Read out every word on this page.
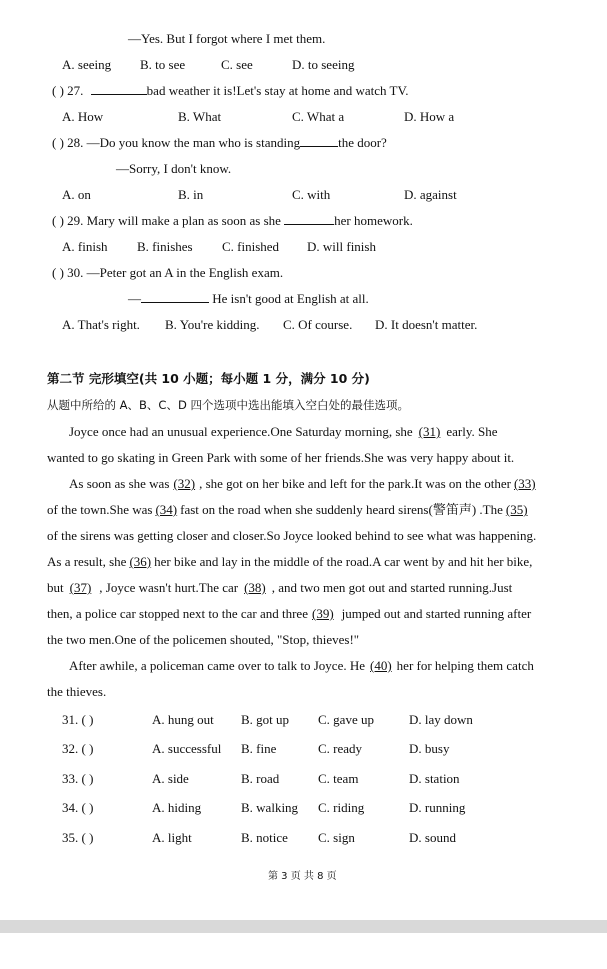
—Yes. But I forgot where I met them.
A. seeing B. to see	C. see	D. to seeing
( ) 27.	bad weather it is!Let's stay at home and watch TV.
A. How	B. What	C. What a	D. How a
( ) 28. —Do you know the man who is standing	the door?
—Sorry, I don't know.
A. on	B. in	C. with	D. against
( ) 29. Mary will make a plan as soon as she	her homework.
A. finish B. finishes C. finished D. will finish
( ) 30. —Peter got an A in the English exam.
—	He isn't good at English at all.
A. That's right. B. You're kidding. C. Of course. D. It doesn't matter.
第二节 完形填空(共 10 小题；每小题 1 分，满分 10 分)
从题中所给的 A、B、C、D 四个选项中选出能填入空白处的最佳选项。
Joyce once had an unusual experience.One Saturday morning, she (31) early. She
wanted to go skating in Green Park with some of her friends.She was very happy about it.
As soon as she was (32) , she got on her bike and left for the park.It was on the other (33)
of the town.She was (34) fast on the road when she suddenly heard sirens(警笛声) .The (35)
of the sirens was getting closer and closer.So Joyce looked behind to see what was happening.
As a result, she (36) her bike and lay in the middle of the road.A car went by and hit her bike,
but (37) , Joyce wasn't hurt.The car (38) , and two men got out and started running.Just
then, a police car stopped next to the car and three (39) jumped out and started running after
the two men.One of the policemen shouted, "Stop, thieves!"
After awhile, a policeman came over to talk to Joyce. He (40) her for helping them catch
the thieves.
31. ( )	A. hung out B. got up C. gave up	D. lay down
32. ( )	A. successful B. fine	C. ready	D. busy
33. ( )	A. side	B. road	C. team	D. station
34. ( )	A. hiding	B. walking C. riding	D. running
35. ( )	A. light	B. notice C. sign	D. sound
第 3 页 共 8 页
